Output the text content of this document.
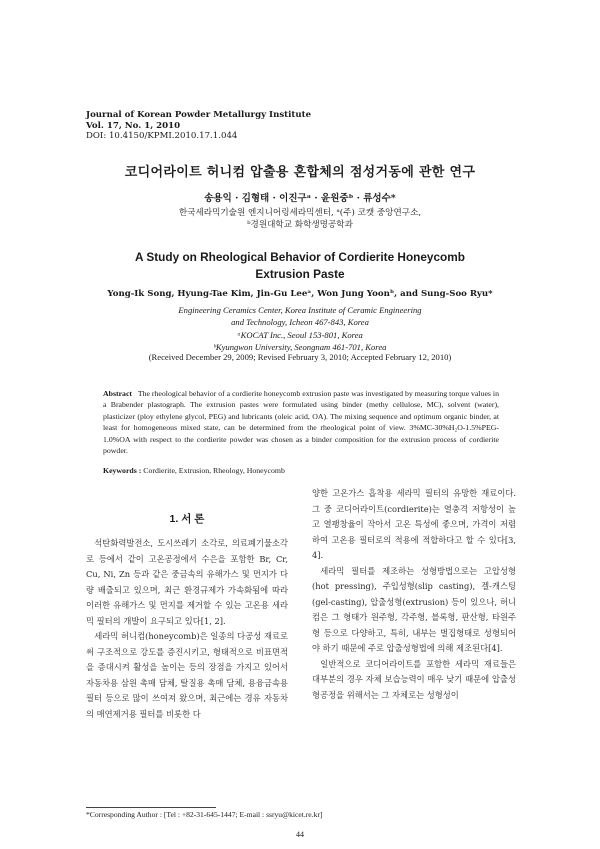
Journal of Korean Powder Metallurgy Institute
Vol. 17, No. 1, 2010
DOI: 10.4150/KPMI.2010.17.1.044
코디어라이트 허니컴 압출용 혼합체의 점성거동에 관한 연구
송용익 · 김형태 · 이진구ᵃ · 윤원중ᵇ · 류성수*
한국세라믹기술원 엔지니어링세라믹센터, ᵃ(주) 코캣 중앙연구소,
ᵇ경원대학교 화학생명공학과
A Study on Rheological Behavior of Cordierite Honeycomb
Extrusion Paste
Yong-Ik Song, Hyung-Tae Kim, Jin-Gu Leeᵃ, Won Jung Yoonᵇ, and Sung-Soo Ryu*
Engineering Ceramics Center, Korea Institute of Ceramic Engineering
and Technology, Icheon 467-843, Korea
ᵃKOCAT Inc., Seoul 153-801, Korea
ᵇKyungwon University, Seongnam 461-701, Korea
(Received December 29, 2009; Revised February 3, 2010; Accepted February 12, 2010)
Abstract The rheological behavior of a cordierite honeycomb extrusion paste was investigated by measuring torque values in a Brabender plastograph. The extrusion pastes were formulated using binder (methy cellulose, MC), solvent (water), plasticizer (ploy ethylene glycol, PEG) and lubricants (oleic acid, OA). The mixing sequence and optimum organic binder, at least for homogeneous mixed state, can be determined from the rheological point of view. 3%MC-30%H₂O-1.5%PEG-1.0%OA with respect to the cordierite powder was chosen as a binder composition for the extrusion process of cordierite powder.
Keywords : Cordierite, Extrusion, Rheology, Honeycomb
1. 서 론

석탄화력발전소, 도시쓰레기 소각로, 의료폐기물소각로 등에서 같이 고온공정에서 수은을 포함한 Br, Cr, Cu, Ni, Zn 등과 같은 중금속의 유해가스 및 먼지가 다량 배출되고 있으며, 최근 환경규제가 가속화됨에 따라 이러한 유해가스 및 먼지를 제거할 수 있는 고온용 세라믹 필터의 개발이 요구되고 있다[1, 2].

세라믹 허니컴(honeycomb)은 일종의 다공성 재료로써 구조적으로 강도를 증진시키고, 형태적으로 비표면적을 증대시켜 활성을 높이는 등의 장점을 가지고 있어서 자동차용 삼원 촉매 담체, 탈질용 촉매 담체, 용융금속용 필터 등으로 많이 쓰여져 왔으며, 최근에는 경유 자동차의 매연제거용 필터를 비롯한 다

양한 고온가스 흡착용 세라믹 필터의 유망한 재료이다. 그 중 코디어라이트(cordierite)는 열충격 저항성이 높고 열팽창율이 작아서 고온 특성에 좋으며, 가격이 저렴하여 고온용 필터로의 적용에 적합하다고 할 수 있다[3, 4].

세라믹 필터를 제조하는 성형방법으로는 고압성형(hot pressing), 주입성형(slip casting), 겔-캐스팅(gel-casting), 압출성형(extrusion) 등이 있으나, 허니컴은 그 형태가 원주형, 각주형, 블록형, 판산형, 타원주형 등으로 다양하고, 특히, 내부는 벌집형태로 성형되어야 하기 때문에 주로 압출성형법에 의해 제조된다[4].

일반적으로 코디어라이트를 포함한 세라믹 재료들은 대부분의 경우 자체 보습능력이 매우 낮기 때문에 압출성형공정을 위해서는 그 자체로는 성형성이

*Corresponding Author : [Tel : +82-31-645-1447; E-mail : ssryu@kicet.re.kr]
44
